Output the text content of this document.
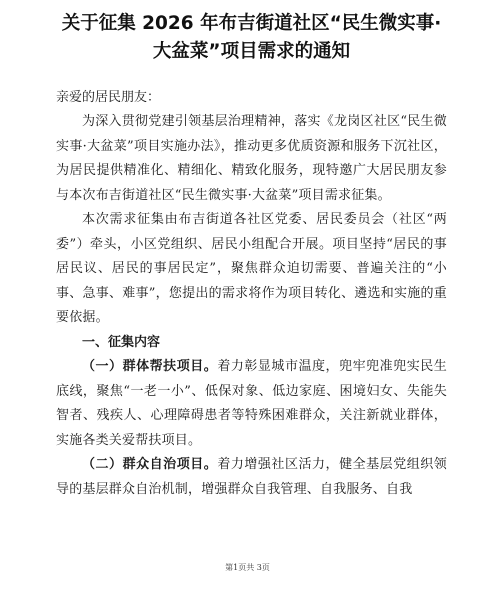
关于征集 2026 年布吉街道社区“民生微实事·
大盆菜”项目需求的通知

亲爱的居民朋友：

为深入贯彻党建引领基层治理精神，落实《龙岗区社区“民生微实事·大盆菜”项目实施办法》，推动更多优质资源和服务下沉社区，为居民提供精准化、精细化、精致化服务，现特邀广大居民朋友参与本次布吉街道社区“民生微实事·大盆菜”项目需求征集。

本次需求征集由布吉街道各社区党委、居民委员会（社区“两委”）牵头，小区党组织、居民小组配合开展。项目坚持“居民的事居民议、居民的事居民定”，聚焦群众迫切需要、普遍关注的“小事、急事、难事”，您提出的需求将作为项目转化、遴选和实施的重要依据。

一、征集内容

（一）群体帮扶项目。着力彰显城市温度，兜牢兜准兜实民生底线，聚焦“一老一小”、低保对象、低边家庭、困境妇女、失能失智者、残疾人、心理障碍患者等特殊困难群众，关注新就业群体，实施各类关爱帮扶项目。

（二）群众自治项目。着力增强社区活力，健全基层党组织领导的基层群众自治机制，增强群众自我管理、自我服务、自我

第1页共 3页
